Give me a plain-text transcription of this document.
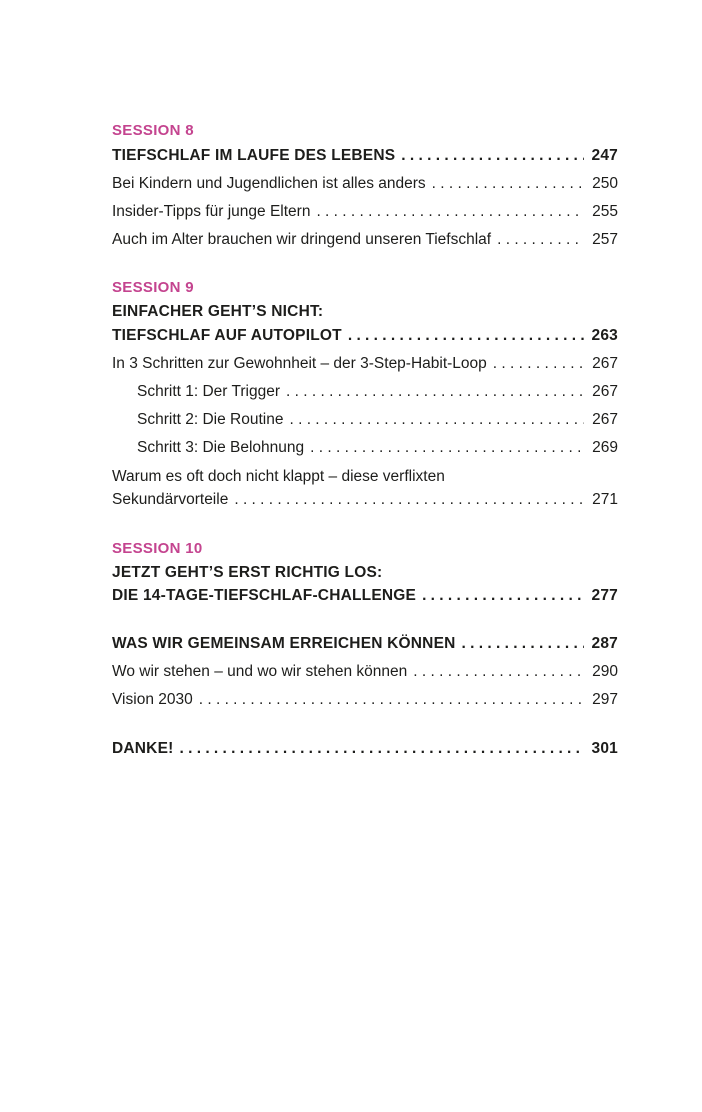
SESSION 8
TIEFSCHLAF IM LAUFE DES LEBENS . . .	247
Bei Kindern und Jugendlichen ist alles anders . . .	250
Insider-Tipps für junge Eltern . . .	255
Auch im Alter brauchen wir dringend unseren Tiefschlaf . . .	257
SESSION 9
EINFACHER GEHT’S NICHT:
TIEFSCHLAF AUF AUTOPILOT . . .	263
In 3 Schritten zur Gewohnheit – der 3-Step-Habit-Loop . . .	267
Schritt 1: Der Trigger . . .	267
Schritt 2: Die Routine . . .	267
Schritt 3: Die Belohnung . . .	269
Warum es oft doch nicht klappt – diese verflixten
Sekundärvorteile . . .	271
SESSION 10
JETZT GEHT’S ERST RICHTIG LOS:
DIE 14-TAGE-TIEFSCHLAF-CHALLENGE . . .	277
WAS WIR GEMEINSAM ERREICHEN KÖNNEN . . .	287
Wo wir stehen – und wo wir stehen können . . .	290
Vision 2030 . . .	297
DANKE! . . .	301
